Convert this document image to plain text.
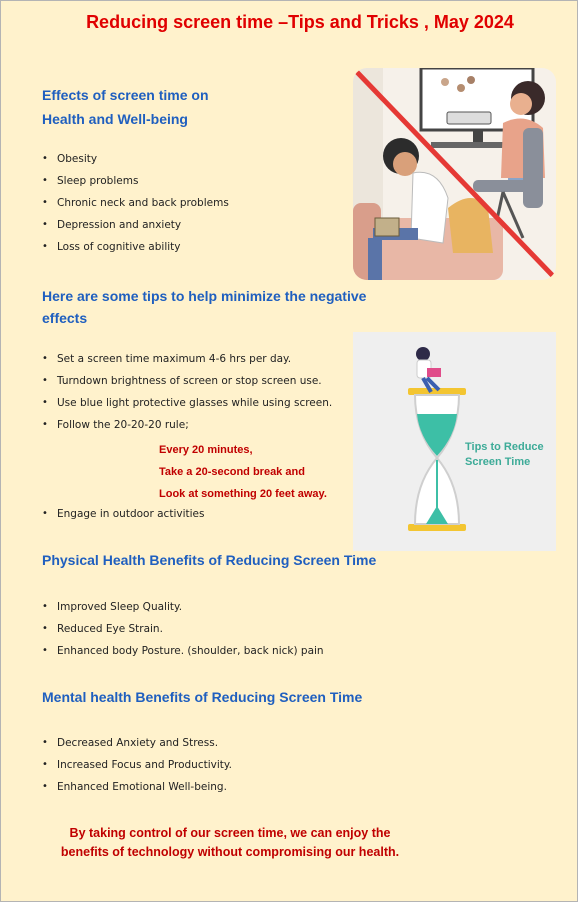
Reducing screen time –Tips and Tricks , May 2024
Effects of screen time on
Health and Well-being
• Obesity
• Sleep problems
• Chronic neck and back problems
• Depression and anxiety
• Loss of cognitive ability
Here are some tips to help minimize the negative
effects
• Set a screen time maximum 4-6 hrs per day.
• Turndown brightness of screen or stop screen use.
• Use blue light protective glasses while using screen.
• Follow the 20-20-20 rule;
Every 20 minutes,
Take a 20-second break and
Look at something 20 feet away.
• Engage in outdoor activities
Tips to Reduce
Screen Time
Physical Health Benefits of Reducing Screen Time
• Improved Sleep Quality.
• Reduced Eye Strain.
• Enhanced body Posture. (shoulder, back nick) pain
Mental health Benefits of Reducing Screen Time
• Decreased Anxiety and Stress.
• Increased Focus and Productivity.
• Enhanced Emotional Well-being.
By taking control of our screen time, we can enjoy the
benefits of technology without compromising our health.
